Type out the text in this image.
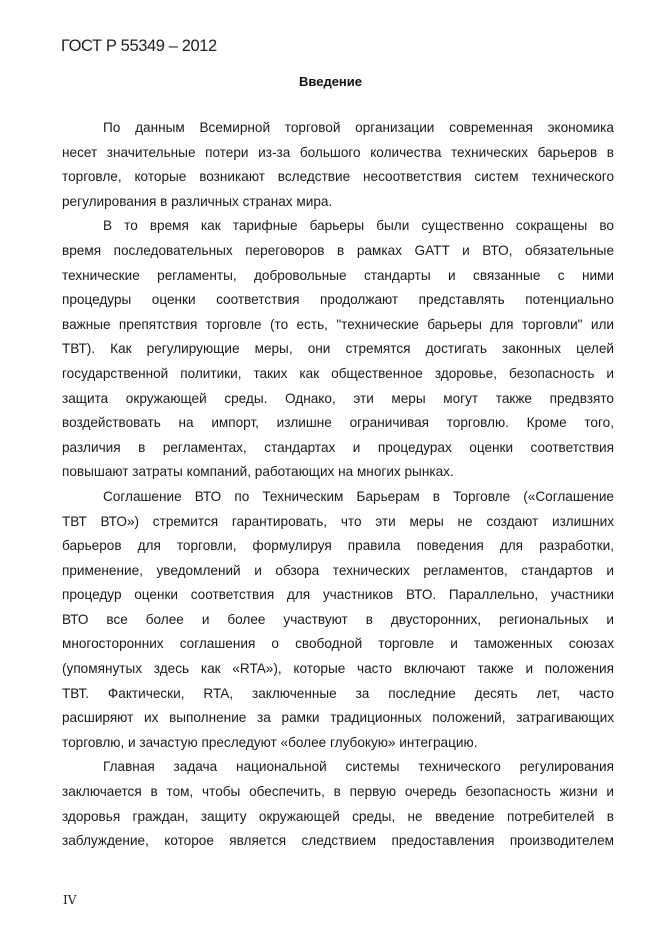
ГОСТ Р 55349 – 2012
Введение
По данным Всемирной торговой организации современная экономика
несет значительные потери из-за большого количества технических барьеров в
торговле, которые возникают вследствие несоответствия систем технического
регулирования в различных странах мира.
В то время как тарифные барьеры были существенно сокращены во
время последовательных переговоров в рамках GATT и ВТО, обязательные
технические регламенты, добровольные стандарты и связанные с ними
процедуры оценки соответствия продолжают представлять потенциально
важные препятствия торговле (то есть, "технические барьеры для торговли" или
ТВТ). Как регулирующие меры, они стремятся достигать законных целей
государственной политики, таких как общественное здоровье, безопасность и
защита окружающей среды. Однако, эти меры могут также предвзято
воздействовать на импорт, излишне ограничивая торговлю. Кроме того,
различия в регламентах, стандартах и процедурах оценки соответствия
повышают затраты компаний, работающих на многих рынках.
Соглашение ВТО по Техническим Барьерам в Торговле («Соглашение
ТВТ ВТО») стремится гарантировать, что эти меры не создают излишних
барьеров для торговли, формулируя правила поведения для разработки,
применение, уведомлений и обзора технических регламентов, стандартов и
процедур оценки соответствия для участников ВТО. Параллельно, участники
ВТО все более и более участвуют в двусторонних, региональных и
многосторонних соглашения о свободной торговле и таможенных союзах
(упомянутых здесь как «RTA»), которые часто включают также и положения
ТВТ. Фактически, RTA, заключенные за последние десять лет, часто
расширяют их выполнение за рамки традиционных положений, затрагивающих
торговлю, и зачастую преследуют «более глубокую» интеграцию.
Главная задача национальной системы технического регулирования
заключается в том, чтобы обеспечить, в первую очередь безопасность жизни и
здоровья граждан, защиту окружающей среды, не введение потребителей в
заблуждение, которое является следствием предоставления производителем
IV
